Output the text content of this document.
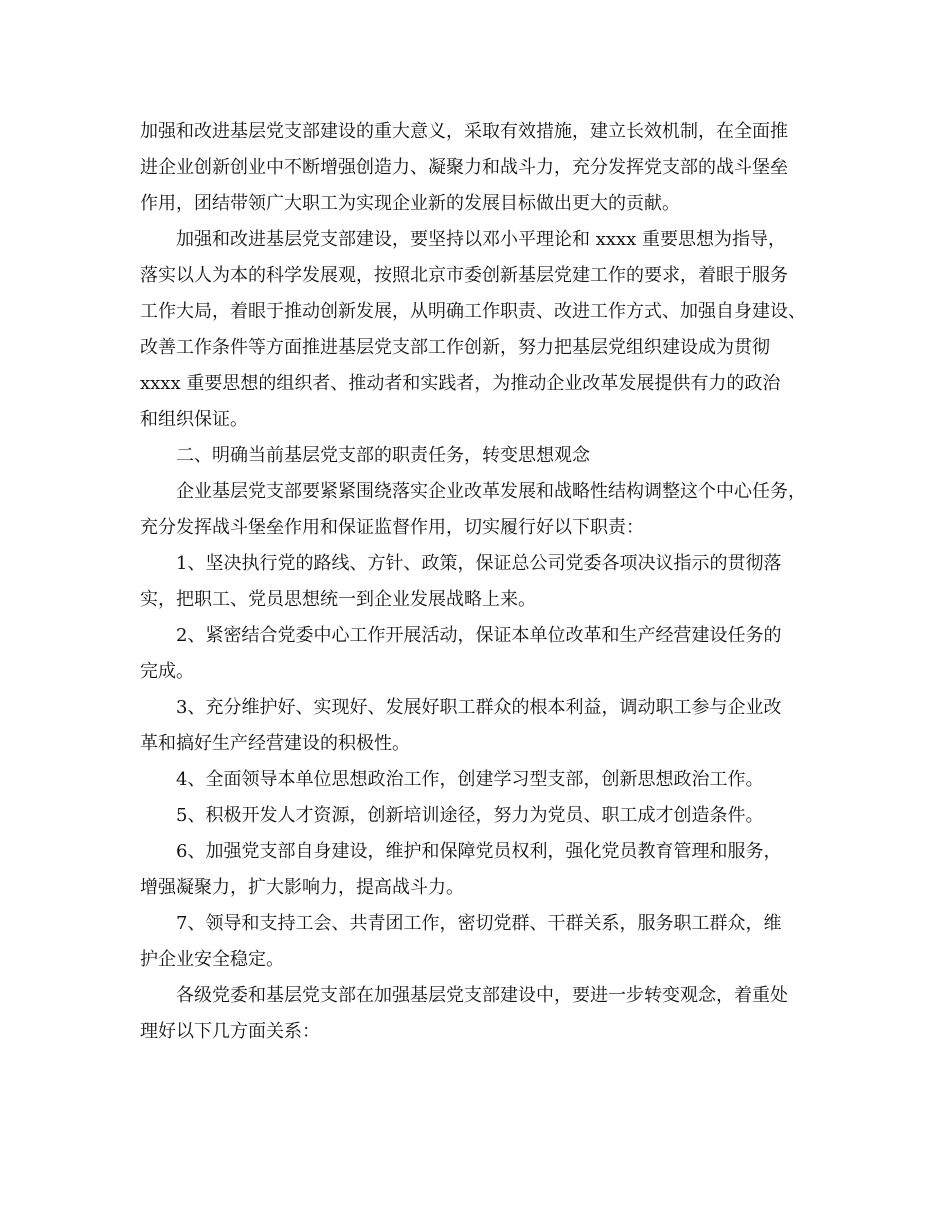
加强和改进基层党支部建设的重大意义，采取有效措施，建立长效机制，在全面推

进企业创新创业中不断增强创造力、凝聚力和战斗力，充分发挥党支部的战斗堡垒

作用，团结带领广大职工为实现企业新的发展目标做出更大的贡献。

加强和改进基层党支部建设，要坚持以邓小平理论和 xxxx 重要思想为指导，

落实以人为本的科学发展观，按照北京市委创新基层党建工作的要求，着眼于服务

工作大局，着眼于推动创新发展，从明确工作职责、改进工作方式、加强自身建设、

改善工作条件等方面推进基层党支部工作创新，努力把基层党组织建设成为贯彻

xxxx 重要思想的组织者、推动者和实践者，为推动企业改革发展提供有力的政治

和组织保证。

二、明确当前基层党支部的职责任务，转变思想观念

企业基层党支部要紧紧围绕落实企业改革发展和战略性结构调整这个中心任务，

充分发挥战斗堡垒作用和保证监督作用，切实履行好以下职责：

1、坚决执行党的路线、方针、政策，保证总公司党委各项决议指示的贯彻落

实，把职工、党员思想统一到企业发展战略上来。

2、紧密结合党委中心工作开展活动，保证本单位改革和生产经营建设任务的

完成。

3、充分维护好、实现好、发展好职工群众的根本利益，调动职工参与企业改

革和搞好生产经营建设的积极性。

4、全面领导本单位思想政治工作，创建学习型支部，创新思想政治工作。

5、积极开发人才资源，创新培训途径，努力为党员、职工成才创造条件。

6、加强党支部自身建设，维护和保障党员权利，强化党员教育管理和服务，

增强凝聚力，扩大影响力，提高战斗力。

7、领导和支持工会、共青团工作，密切党群、干群关系，服务职工群众，维

护企业安全稳定。

各级党委和基层党支部在加强基层党支部建设中，要进一步转变观念，着重处

理好以下几方面关系：
